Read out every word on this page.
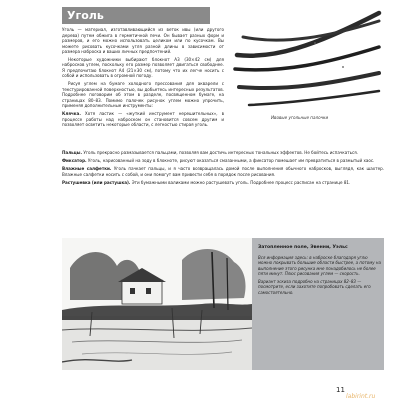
Уголь

Уголь — материал, изготавливающийся из веток ивы (или другого дерева) путем обжига в герметичной печи. Он бывает разных форм и размеров, и его можно использовать целиком или по кусочкам. Вы можете рисовать кусочками угля разной длины в зависимости от размера наброска и ваших личных предпочтений.

Некоторые художники выбирают блокнот А3 (30×42 см) для набросков углем, поскольку его размер позволяет двигаться свободнее. Я предпочитаю блокнот А4 (21×30 см), потому что их легче носить с собой и использовать в огромной погоду.

Рисуя углем на бумаге холодного прессования для акварели с текстурированной поверхностью, вы добьетесь интересных результатов. Подробнее поговорим об этом в разделе, посвященном бумаге, на страницах 80–83. Помимо палочек рисунок углем можно упрочить, применяя дополнительные инструменты:

Клячка. Хотя ластик — «жуткий инструмент нерешительных», в процессе работы над наброском он становится совсем другим и позволяет осветить некоторые области, с легкостью стирая уголь.

Ивовые угольные палочки

Пальцы. Уголь прекрасно размазывается пальцами, позволяя вам достичь интересных тональных эффектов. Не бойтесь испачкаться.

Фиксатор. Уголь, нарисованный на зоду в блокноте, рисуют оказаться смазанными, а фиксатор помешает им превратиться в размытый хаос.

Влажные салфетки. Уголь пачкает пальцы, и я часто возвращалась домой после выполнения обычного набросков, выглядя, как шахтер. Влажные салфетки носить с собой, и они помогут вам привести себя в порядок после рисования.

Растушевка (или растушка). Эти бумажными валиками можно растушевать уголь. Подробнее процесс расписан на странице 81.

Затопленное поле, Эвенни, Уэльс

Вся информация здесь: в наброске благодаря углю можно покрывать большие области быстрее, а потому на выполнение этого рисунка мне понадобилось не более пяти минут. Плюс рисования углем — скорость.

Вариант эскиза подробно на страницах 82–83 — посмотрите, если захотите попробовать сделать его самостоятельно.

11
labirint.ru
